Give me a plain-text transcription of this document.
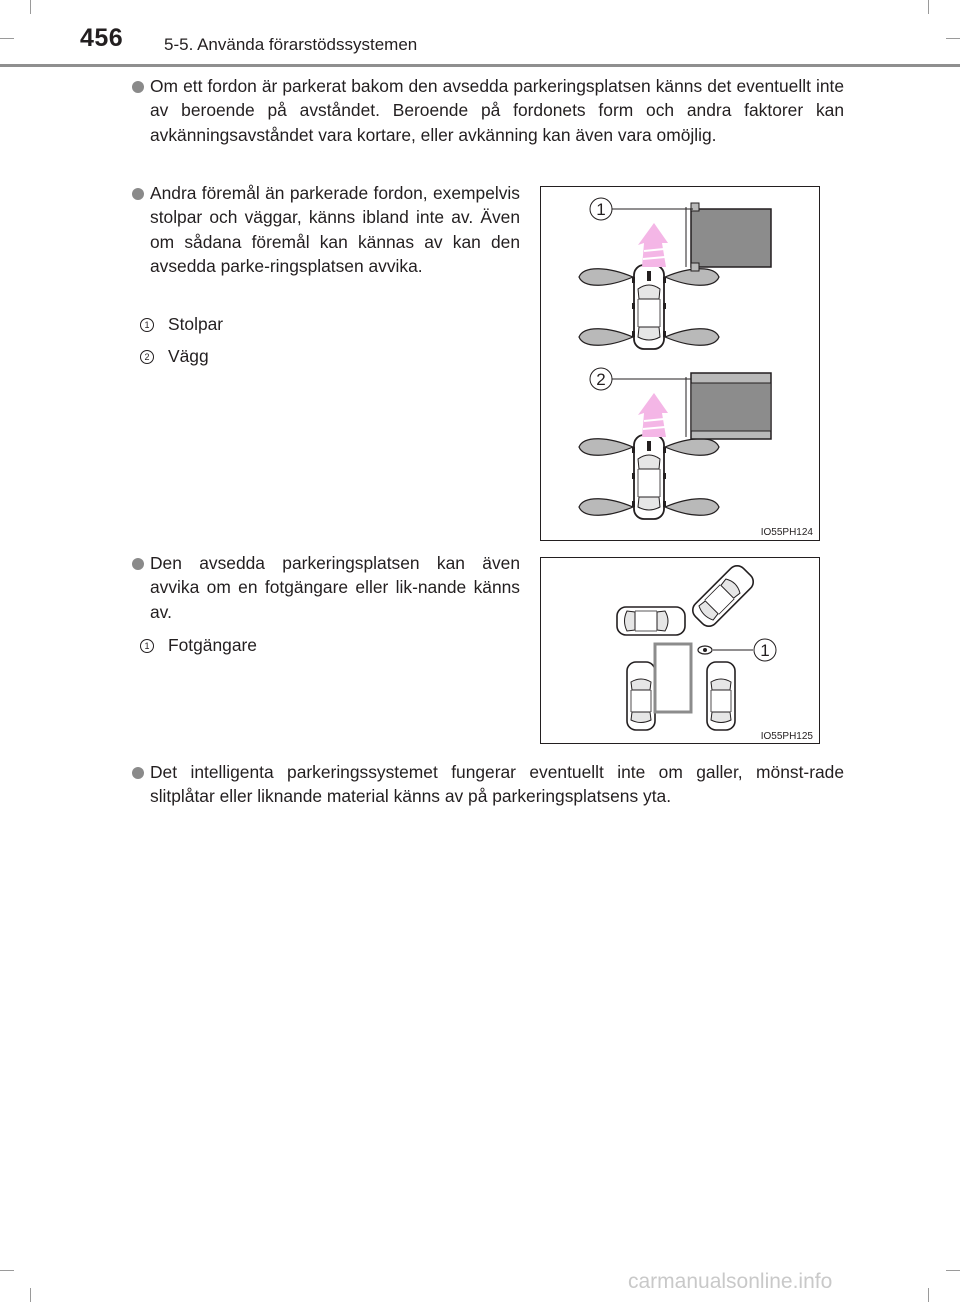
456 5-5. Använda förarstödssystemen

Om ett fordon är parkerat bakom den avsedda parkeringsplatsen känns det eventuellt inte av beroende på avståndet. Beroende på fordonets form och andra faktorer kan avkänningsavståndet vara kortare, eller avkänning kan även vara omöjlig.

Andra föremål än parkerade fordon, exempelvis stolpar och väggar, känns ibland inte av. Även om sådana föremål kan kännas av kan den avsedda parke-ringsplatsen avvika.

1 Stolpar
2 Vägg
1
2
IO55PH124

Den avsedda parkeringsplatsen kan även avvika om en fotgängare eller lik-nande känns av.

1 Fotgängare	1
IO55PH125

Det intelligenta parkeringssystemet fungerar eventuellt inte om galler, mönst-rade slitplåtar eller liknande material känns av på parkeringsplatsens yta.

carmanualsonline.info
